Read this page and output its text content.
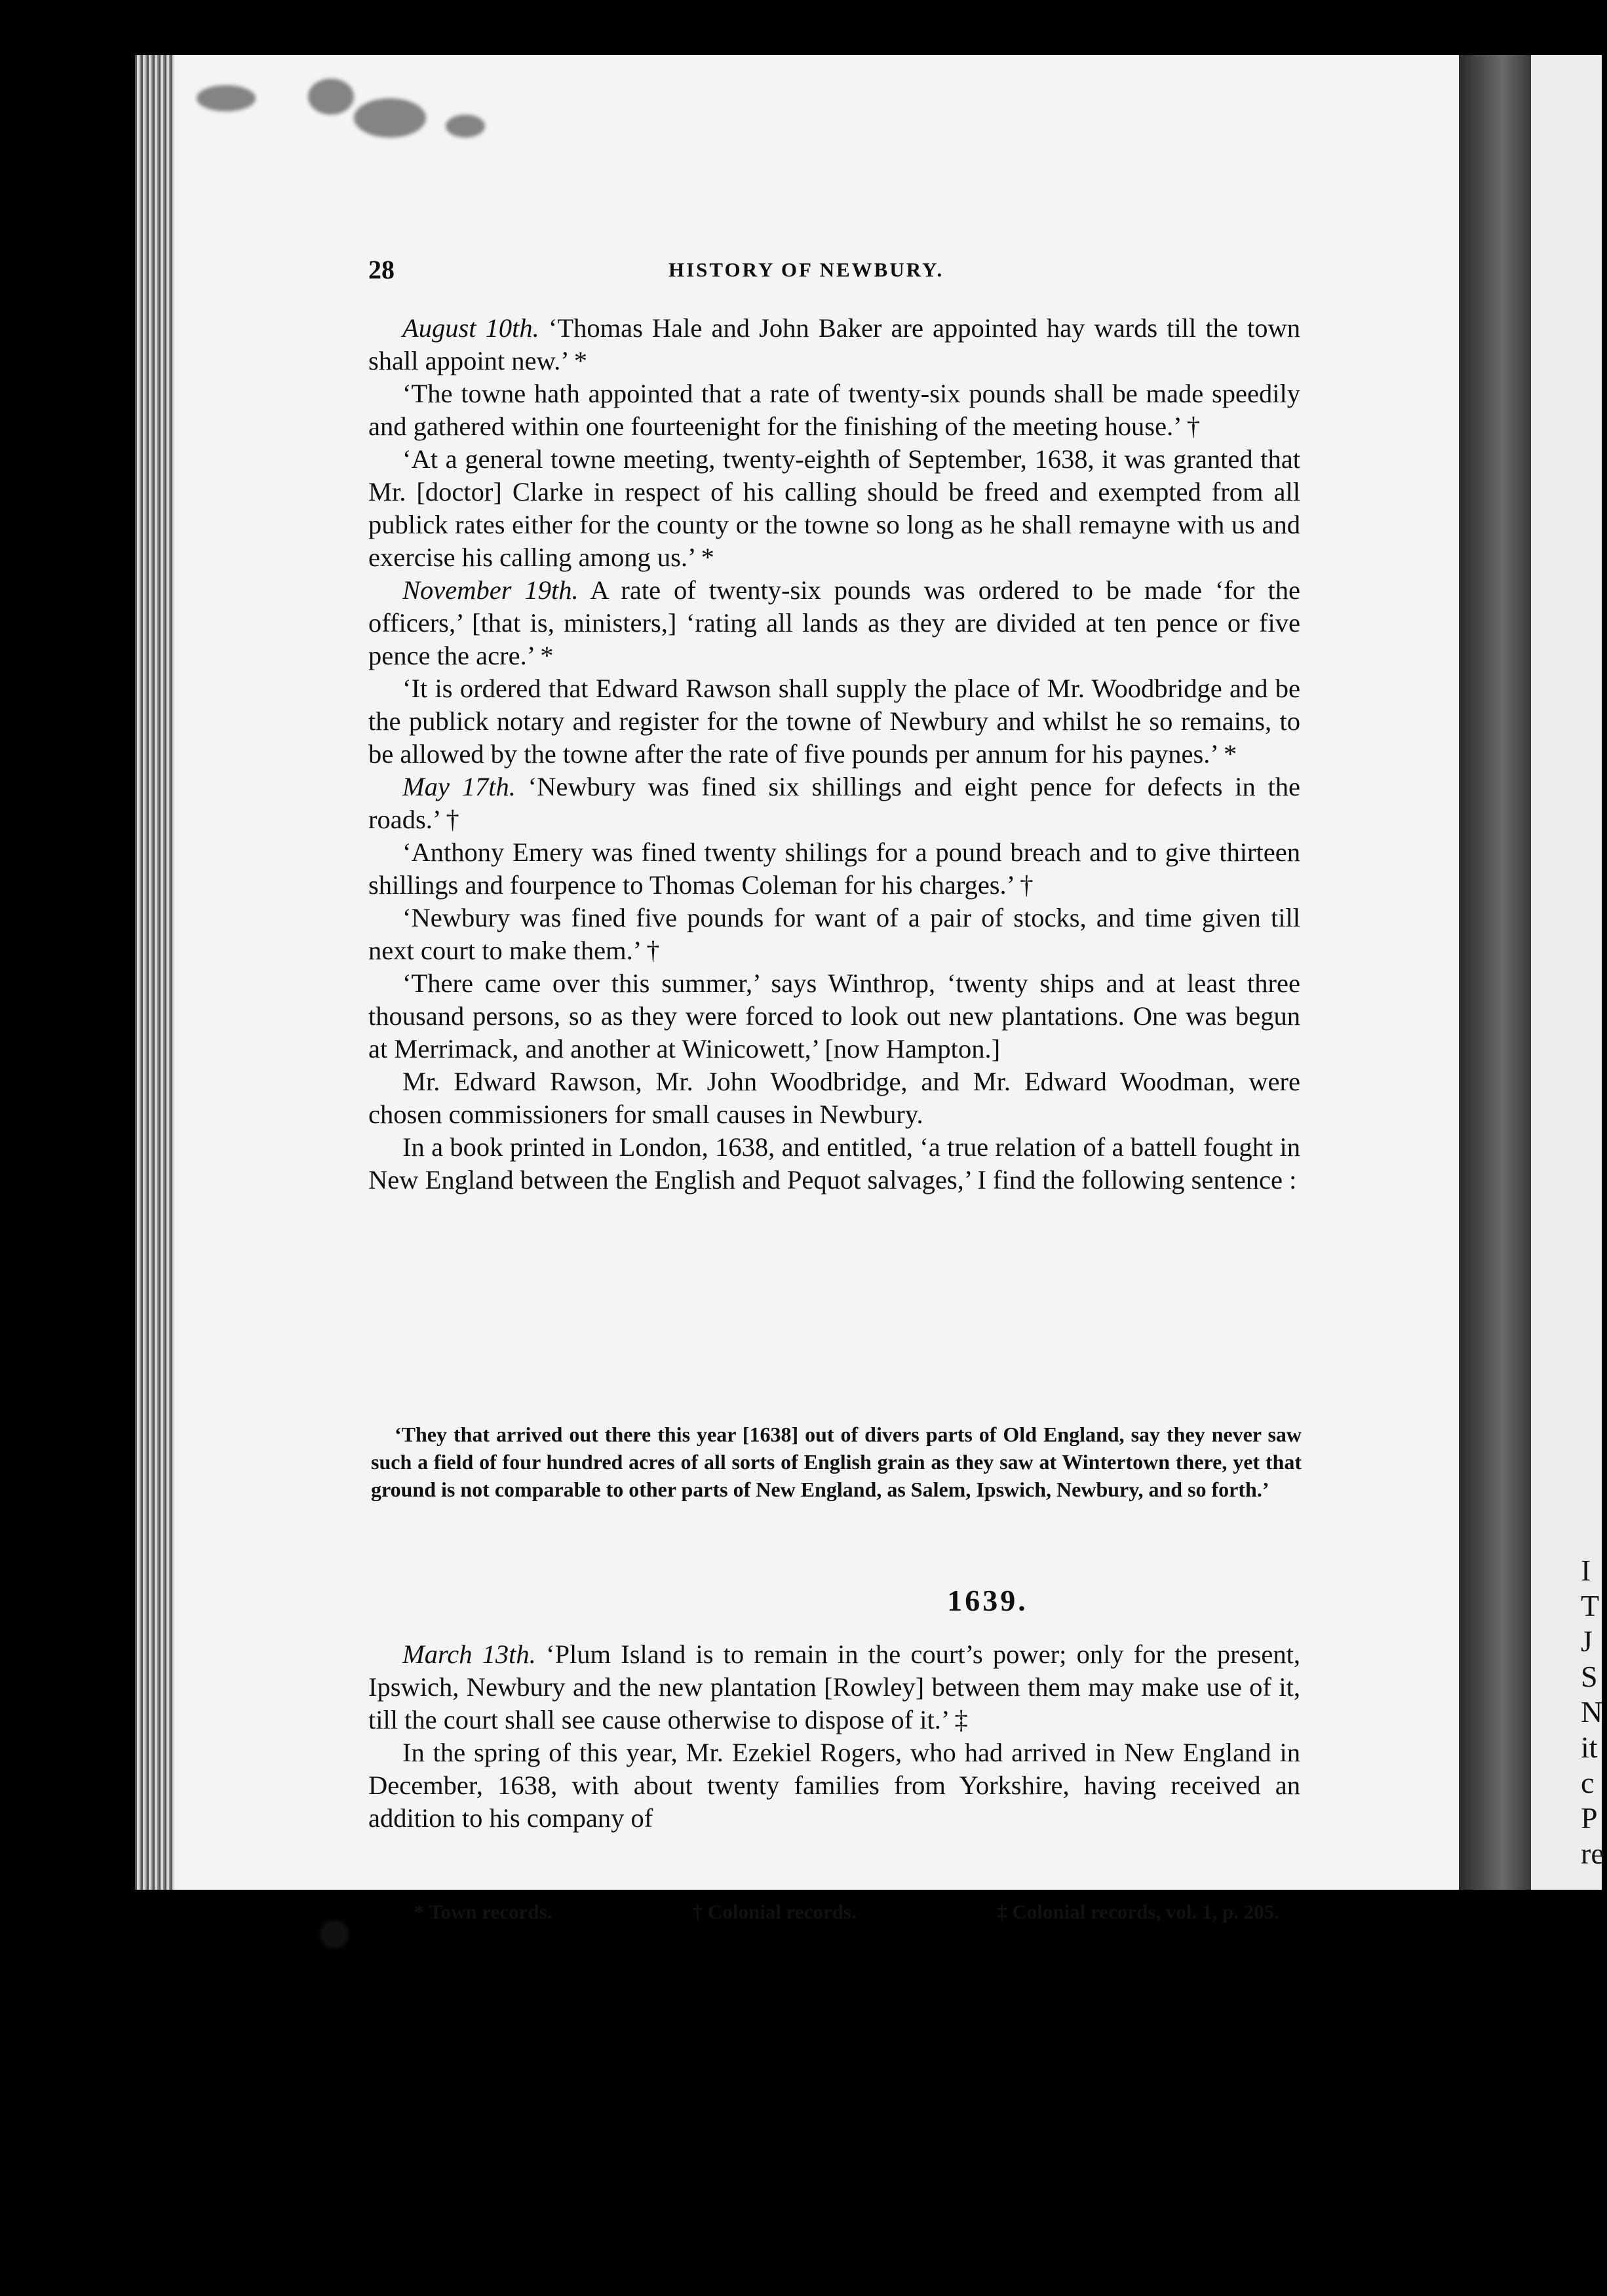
I
T
J
S
N
it
c
P
re
28	HISTORY OF NEWBURY.

August 10th. ‘Thomas Hale and John Baker are appointed hay wards till the town shall appoint new.’ *

‘The towne hath appointed that a rate of twenty-six pounds shall be made speedily and gathered within one fourteenight for the finishing of the meeting house.’ †

‘At a general towne meeting, twenty-eighth of September, 1638, it was granted that Mr. [doctor] Clarke in respect of his calling should be freed and exempted from all publick rates either for the county or the towne so long as he shall remayne with us and exercise his calling among us.’ *

November 19th. A rate of twenty-six pounds was ordered to be made ‘for the officers,’ [that is, ministers,] ‘rating all lands as they are divided at ten pence or five pence the acre.’ *

‘It is ordered that Edward Rawson shall supply the place of Mr. Woodbridge and be the publick notary and register for the towne of Newbury and whilst he so remains, to be allowed by the towne after the rate of five pounds per annum for his paynes.’ *

May 17th. ‘Newbury was fined six shillings and eight pence for defects in the roads.’ †

‘Anthony Emery was fined twenty shilings for a pound breach and to give thirteen shillings and fourpence to Thomas Coleman for his charges.’ †

‘Newbury was fined five pounds for want of a pair of stocks, and time given till next court to make them.’ †

‘There came over this summer,’ says Winthrop, ‘twenty ships and at least three thousand persons, so as they were forced to look out new plantations. One was begun at Merrimack, and another at Winicowett,’ [now Hampton.]

Mr. Edward Rawson, Mr. John Woodbridge, and Mr. Edward Woodman, were chosen commissioners for small causes in Newbury.

In a book printed in London, 1638, and entitled, ‘a true relation of a battell fought in New England between the English and Pequot salvages,’ I find the following sentence :

‘They that arrived out there this year [1638] out of divers parts of Old England, say they never saw such a field of four hundred acres of all sorts of English grain as they saw at Wintertown there, yet that ground is not comparable to other parts of New England, as Salem, Ipswich, Newbury, and so forth.’

1639.

March 13th. ‘Plum Island is to remain in the court’s power; only for the present, Ipswich, Newbury and the new plantation [Rowley] between them may make use of it, till the court shall see cause otherwise to dispose of it.’ ‡

In the spring of this year, Mr. Ezekiel Rogers, who had arrived in New England in December, 1638, with about twenty families from Yorkshire, having received an addition to his company of

* Town records.	† Colonial records.	‡ Colonial records, vol. 1, p. 205.
